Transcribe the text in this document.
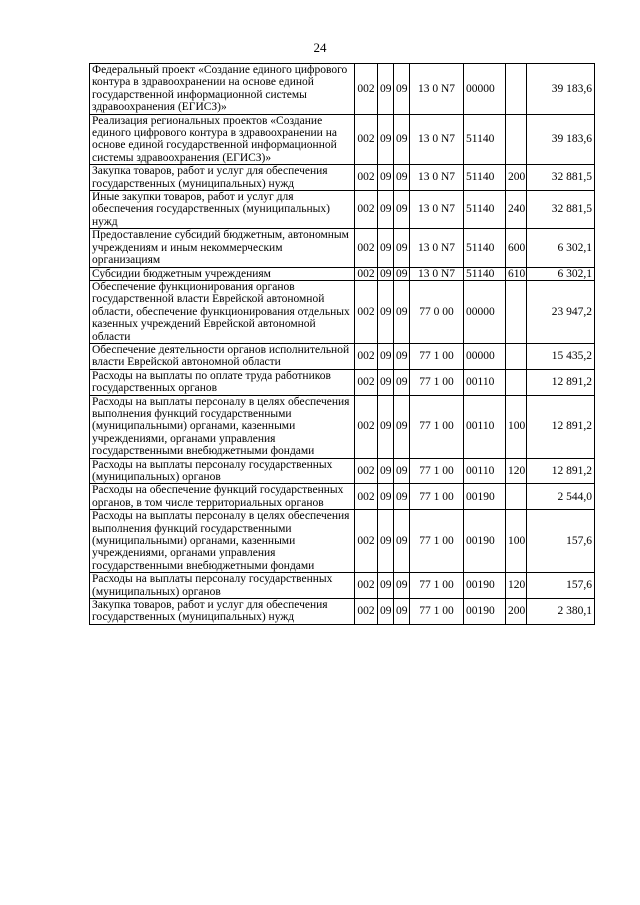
24
Федеральный проект «Создание единого цифрового контура в здравоохранении на основе единой государственной информационной системы здравоохранения (ЕГИСЗ)»	002	09	09	13 0 N7	00000		39 183,6
Реализация региональных проектов «Создание единого цифрового контура в здравоохранении на основе единой государственной информационной системы здравоохранения (ЕГИСЗ)»	002	09	09	13 0 N7	51140		39 183,6
Закупка товаров, работ и услуг для обеспечения государственных (муниципальных) нужд	002	09	09	13 0 N7	51140	200	32 881,5
Иные закупки товаров, работ и услуг для обеспечения государственных (муниципальных) нужд	002	09	09	13 0 N7	51140	240	32 881,5
Предоставление субсидий бюджетным, автономным учреждениям и иным некоммерческим организациям	002	09	09	13 0 N7	51140	600	6 302,1
Субсидии бюджетным учреждениям	002	09	09	13 0 N7	51140	610	6 302,1
Обеспечение функционирования органов государственной власти Еврейской автономной области, обеспечение функционирования отдельных казенных учреждений Еврейской автономной области	002	09	09	77 0 00	00000		23 947,2
Обеспечение деятельности органов исполнительной власти Еврейской автономной области	002	09	09	77 1 00	00000		15 435,2
Расходы на выплаты по оплате труда работников государственных органов	002	09	09	77 1 00	00110		12 891,2
Расходы на выплаты персоналу в целях обеспечения выполнения функций государственными (муниципальными) органами, казенными учреждениями, органами управления государственными внебюджетными фондами	002	09	09	77 1 00	00110	100	12 891,2
Расходы на выплаты персоналу государственных (муниципальных) органов	002	09	09	77 1 00	00110	120	12 891,2
Расходы на обеспечение функций государственных органов, в том числе территориальных органов	002	09	09	77 1 00	00190		2 544,0
Расходы на выплаты персоналу в целях обеспечения выполнения функций государственными (муниципальными) органами, казенными учреждениями, органами управления государственными внебюджетными фондами	002	09	09	77 1 00	00190	100	157,6
Расходы на выплаты персоналу государственных (муниципальных) органов	002	09	09	77 1 00	00190	120	157,6
Закупка товаров, работ и услуг для обеспечения государственных (муниципальных) нужд	002	09	09	77 1 00	00190	200	2 380,1
